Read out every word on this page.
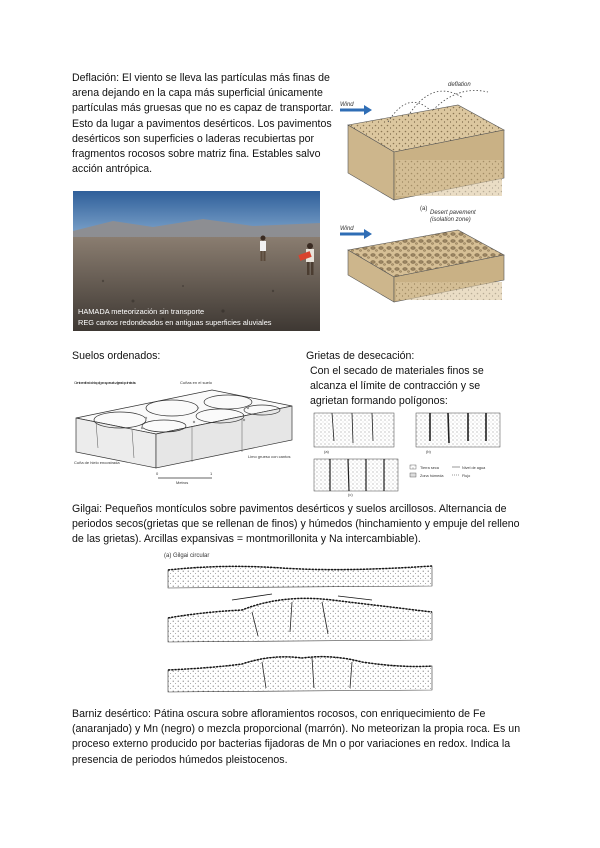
Deflación: El viento se lleva las partículas más finas de arena dejando en la capa más superficial únicamente partículas más gruesas que no es capaz de transportar. Esto da lugar a pavimentos desérticos. Los pavimentos desérticos son superficies o laderas recubiertas por fragmentos rocosos sobre matriz fina. Estables salvo acción antrópica.
deflation
Wind
(a)
Desert pavement
(isolation zone)
Wind
HAMADA meteorización sin transporte
REG cantos redondeados en antiguas superficies aluviales
Suelos ordenados:
Centro en el fondo de los polígonos, por suelo... aligerado por heladas	Cuñas en el suelo
Cuña de hielo encostrada
Limo grueso con cantos
0
Metros
1
Grietas de desecación:
Con el secado de materiales finos se alcanza el límite de contracción y se agrietan formando polígonos:
(a)	(b)
(c)
Tierra seca
Zona húmeda
Nivel de agua
Flujo
Gilgai: Pequeños montículos sobre pavimentos desérticos y suelos arcillosos. Alternancia de periodos secos(grietas que se rellenan de finos) y húmedos (hinchamiento y empuje del relleno de las grietas). Arcillas expansivas = montmorillonita y Na intercambiable).
(a) Gilgai circular
Barniz desértico: Pátina oscura sobre afloramientos rocosos, con enriquecimiento de Fe (anaranjado) y Mn (negro) o mezcla proporcional (marrón). No meteorizan la propia roca. Es un proceso externo producido por bacterias fijadoras de Mn o por variaciones en redox. Indica la presencia de periodos húmedos pleistocenos.
